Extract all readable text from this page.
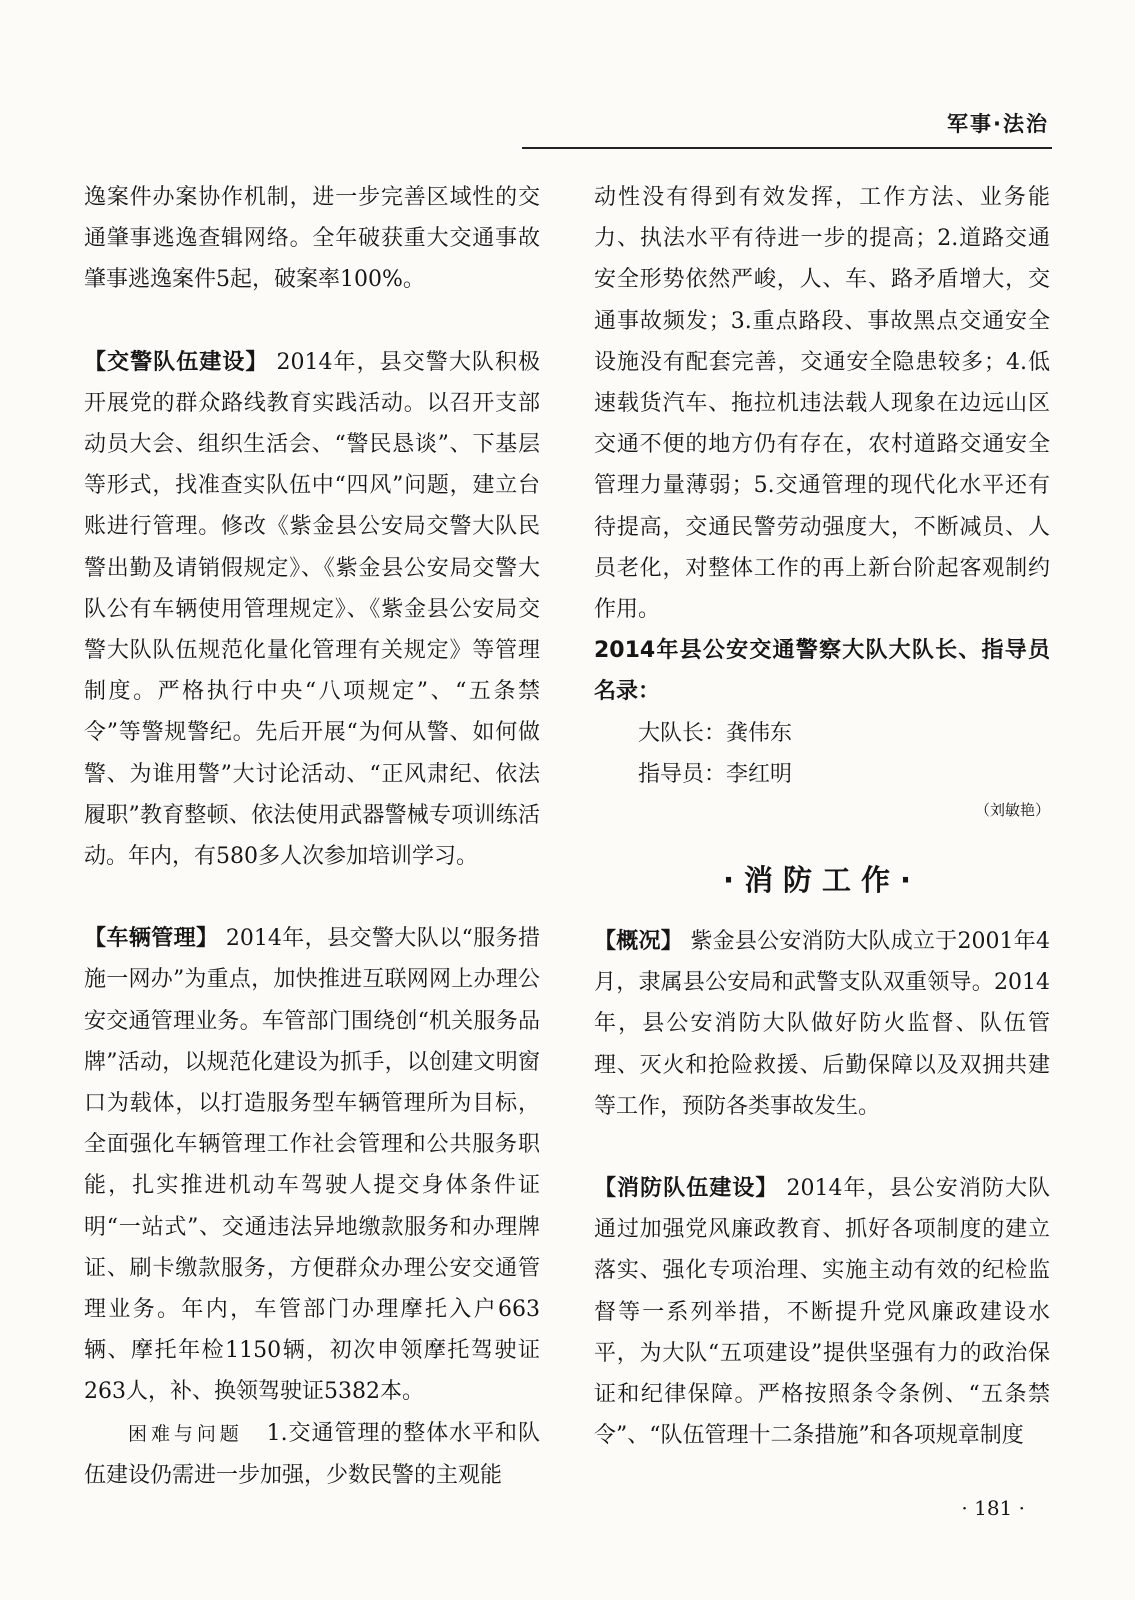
军事·法治

逸案件办案协作机制，进一步完善区域性的交通肇事逃逸查辑网络。全年破获重大交通事故肇事逃逸案件5起，破案率100%。

【交警队伍建设】 2014年，县交警大队积极开展党的群众路线教育实践活动。以召开支部动员大会、组织生活会、“警民恳谈”、下基层等形式，找准查实队伍中“四风”问题，建立台账进行管理。修改《紫金县公安局交警大队民警出勤及请销假规定》、《紫金县公安局交警大队公有车辆使用管理规定》、《紫金县公安局交警大队队伍规范化量化管理有关规定》等管理制度。严格执行中央“八项规定”、“五条禁令”等警规警纪。先后开展“为何从警、如何做警、为谁用警”大讨论活动、“正风肃纪、依法履职”教育整顿、依法使用武器警械专项训练活动。年内，有580多人次参加培训学习。

【车辆管理】 2014年，县交警大队以“服务措施一网办”为重点，加快推进互联网网上办理公安交通管理业务。车管部门围绕创“机关服务品牌”活动，以规范化建设为抓手，以创建文明窗口为载体，以打造服务型车辆管理所为目标，全面强化车辆管理工作社会管理和公共服务职能，扎实推进机动车驾驶人提交身体条件证明“一站式”、交通违法异地缴款服务和办理牌证、刷卡缴款服务，方便群众办理公安交通管理业务。年内，车管部门办理摩托入户663辆、摩托年检1150辆，初次申领摩托驾驶证263人，补、换领驾驶证5382本。

困难与问题 1.交通管理的整体水平和队伍建设仍需进一步加强，少数民警的主观能

动性没有得到有效发挥，工作方法、业务能力、执法水平有待进一步的提高；2.道路交通安全形势依然严峻，人、车、路矛盾增大，交通事故频发；3.重点路段、事故黑点交通安全设施没有配套完善，交通安全隐患较多；4.低速载货汽车、拖拉机违法载人现象在边远山区交通不便的地方仍有存在，农村道路交通安全管理力量薄弱；5.交通管理的现代化水平还有待提高，交通民警劳动强度大，不断减员、人员老化，对整体工作的再上新台阶起客观制约作用。

2014年县公安交通警察大队大队长、指导员名录：

大队长：龚伟东

指导员：李红明

（刘敏艳）

·消防工作·

【概况】 紫金县公安消防大队成立于2001年4月，隶属县公安局和武警支队双重领导。2014年，县公安消防大队做好防火监督、队伍管理、灭火和抢险救援、后勤保障以及双拥共建等工作，预防各类事故发生。

【消防队伍建设】 2014年，县公安消防大队通过加强党风廉政教育、抓好各项制度的建立落实、强化专项治理、实施主动有效的纪检监督等一系列举措，不断提升党风廉政建设水平，为大队“五项建设”提供坚强有力的政治保证和纪律保障。严格按照条令条例、“五条禁令”、“队伍管理十二条措施”和各项规章制度

· 181 ·
